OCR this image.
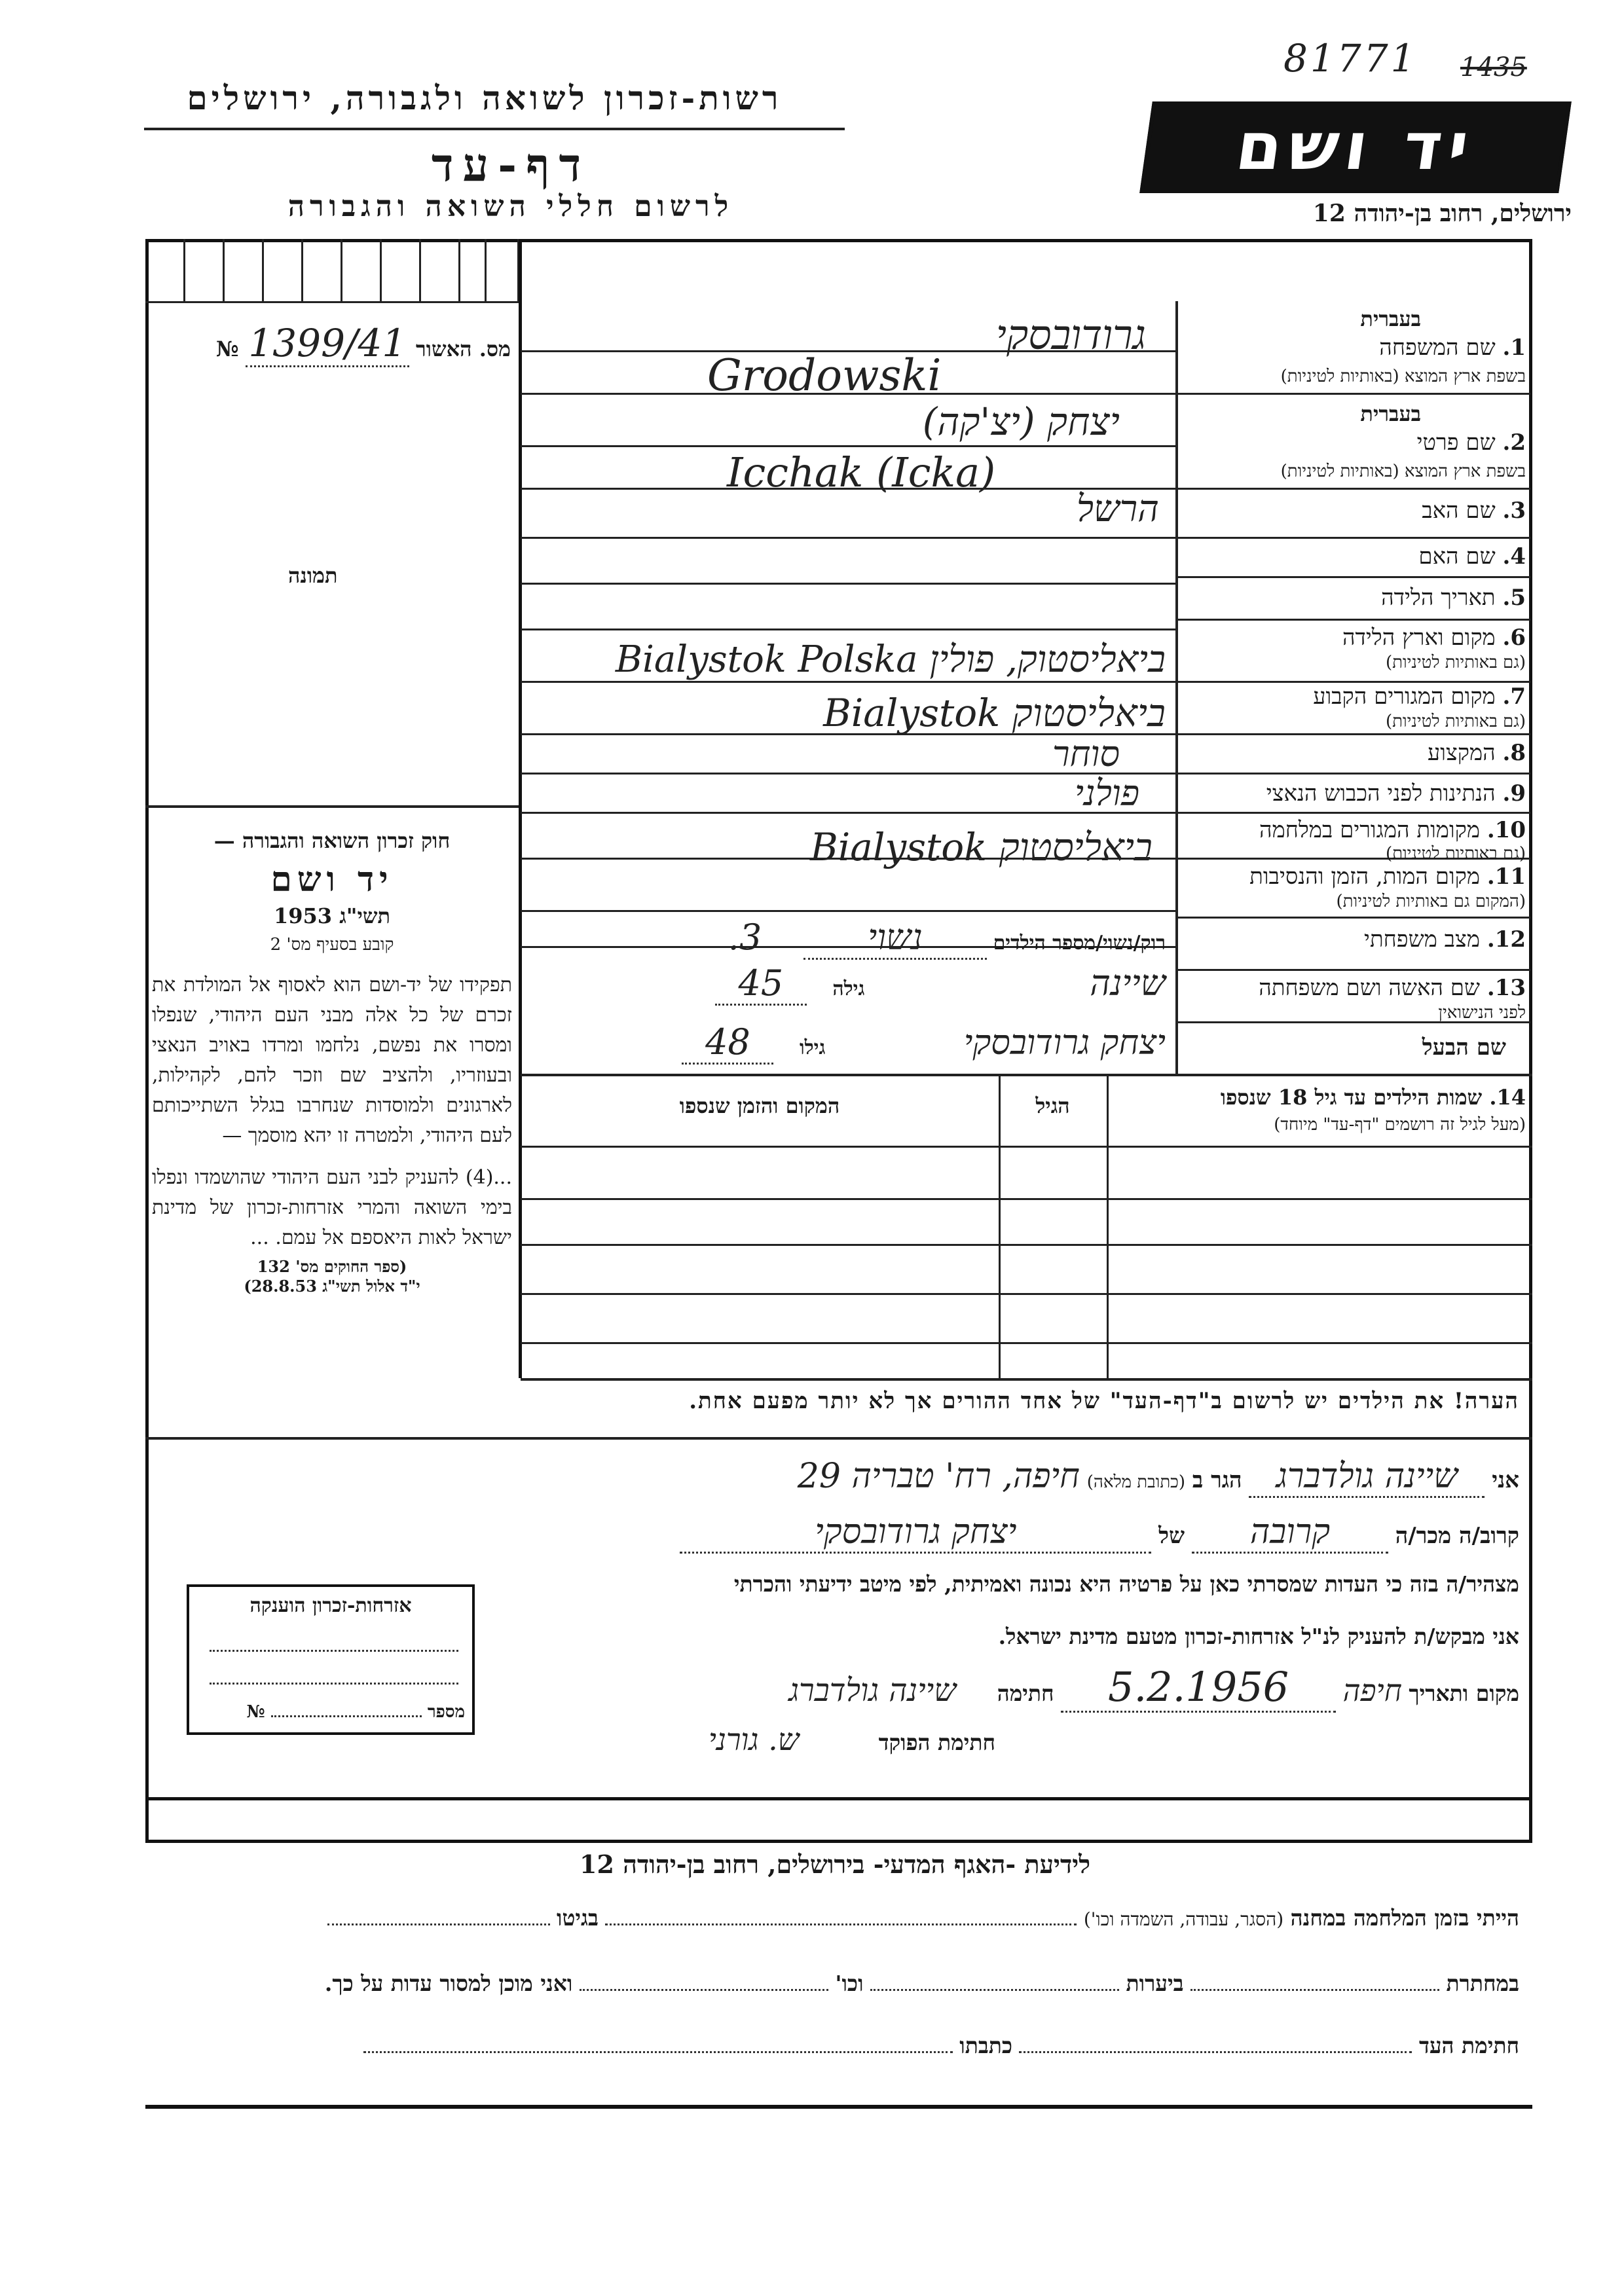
81771 1435
רשות-זכרון לשואה ולגבורה, ירושלים
דף-עד
לרשום חללי השואה והגבורה
יד ושם
ירושלים, רחוב בן-יהודה 12
מס. האשור 1399/41 №
תמונה
חוק זכרון השואה והגבורה —
יד ושם
תשי"ג 1953
קובע בסעיף מס' 2
תפקידו של יד-ושם הוא לאסוף אל המולדת את זכרם של כל אלה מבני העם היהודי, שנפלו ומסרו את נפשם, נלחמו ומרדו באויב הנאצי ובעוזריו, ולהציב שם וזכר להם, לקהילות, לארגונים ולמוסדות שנחרבו בגלל השתייכותם לעם היהודי, ולמטרה זו יהא מוסמך —
...(4) להעניק לבני העם היהודי שהושמדו ונפלו בימי השואה והמרי אזרחות-זכרון של מדינת ישראל לאות היאספם אל עמם. ...
(ספר החוקים מס' 132
י"ד אלול תשי"ג 28.8.53)
בעברית
1. שם המשפחה
בשפת ארץ המוצא (באותיות לטיניות)
בעברית
2. שם פרטי
בשפת ארץ המוצא (באותיות לטיניות)
3. שם האב
4. שם האם
5. תאריך הלידה
6. מקום וארץ הלידה
(גם באותיות לטיניות)
7. מקום המגורים הקבוע
(גם באותיות לטיניות)
8. המקצוע
9. הנתינות לפני הכבוש הנאצי
10. מקומות המגורים במלחמה
(גם באותיות לטיניות)
11. מקום המות, הזמן והנסיבות
(המקום גם באותיות לטיניות)
12. מצב משפחתי
13. שם האשה ושם משפחתה
לפני הנישואין
שם הבעל
גרודובסקי
Grodowski
יצחק (יצ'קה)
Icchak (Icka)
הרשל
ביאליסטוק, פולין Bialystok Polska
ביאליסטוק Bialystok
סוחר
פולני
ביאליסטוק Bialystok
רוק/נשוי/מספר הילדים נשוי 3.
שיינה גילה 45
יצחק גרודובסקי גילו 48
14. שמות הילדים עד גיל 18 שנספו
(מעל לגיל זה רושמים "דף-עד" מיוחד)
הגיל
המקום והזמן שנספו
הערה! את הילדים יש לרשום ב"דף-העד" של אחד ההורים אך לא יותר מפעם אחת.
אני שיינה גולדברג הגר ב (כתובת מלאה) חיפה, רח' טבריה 29
קרוב/ה מכר/ה קרובה של יצחק גרודובסקי
מצהיר/ה בזה כי העדות שמסרתי כאן על פרטיה היא נכונה ואמיתית, לפי מיטב ידיעתי והכרתי
אני מבקש/ת להעניק לנ"ל אזרחות-זכרון מטעם מדינת ישראל.
מקום ותאריך חיפה 5.2.1956 חתימה שיינה גולדברג
חתימת הפוקד ש. גורני
אזרחות-זכרון הוענקה
מספר  №
לידיעת -האגף המדעי- בירושלים, רחוב בן-יהודה 12
הייתי בזמן המלחמה במחנה (הסגר, עבודה, השמדה וכו')  בגיטו
במחתרת  ביערות  וכו'  ואני מוכן למסור עדות על כך.
חתימת העד  כתבתו
